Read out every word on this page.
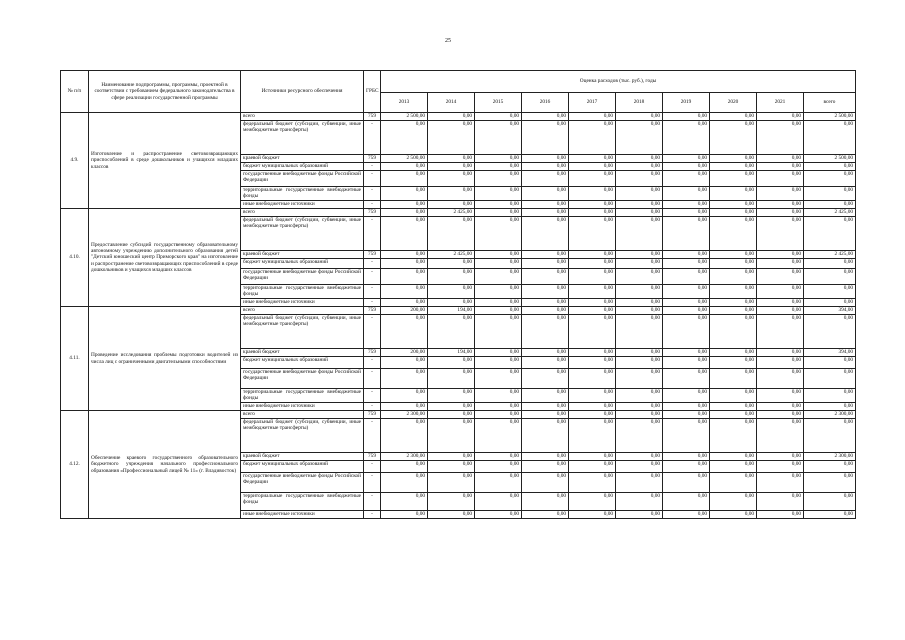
25
№ п/п	Наименование подпрограммы, программы, проектной в соответствии с требованием федерального законодательства в сфере реализации государственной программы	Источники ресурсного обеспечения	ГРБС	Оценка расходов (тыс. руб.), годы									
				2013	2014	2015	2016	2017	2018	2019	2020	2021	всего
4.9.	Изготовление и распространение световозвращающих приспособлений в среде дошкольников и учащихся младших классов	всего	759	2 500,00	0,00	0,00	0,00	0,00	0,00	0,00	0,00	0,00	2 500,00
		федеральный бюджет (субсидии, субвенции, иные межбюджетные трансферты)	-	0,00	0,00	0,00	0,00	0,00	0,00	0,00	0,00	0,00	0,00
		краевой бюджет	759	2 500,00	0,00	0,00	0,00	0,00	0,00	0,00	0,00	0,00	2 500,00
		бюджет муниципальных образований	-	0,00	0,00	0,00	0,00	0,00	0,00	0,00	0,00	0,00	0,00
		государственные внебюджетные фонды Российской Федерации	-	0,00	0,00	0,00	0,00	0,00	0,00	0,00	0,00	0,00	0,00
		территориальные государственные внебюджетные фонды	-	0,00	0,00	0,00	0,00	0,00	0,00	0,00	0,00	0,00	0,00
		иные внебюджетные источники	-	0,00	0,00	0,00	0,00	0,00	0,00	0,00	0,00	0,00	0,00
4.10.	Предоставление субсидий государственному образовательному автономному учреждению дополнительного образования детей "Детский юношеский центр Приморского края" на изготовление и распространение световозвращающих приспособлений в среде дошкольников и учащихся младших классов	всего	759	0,00	2 425,00	0,00	0,00	0,00	0,00	0,00	0,00	0,00	2 425,00
		федеральный бюджет (субсидии, субвенции, иные межбюджетные трансферты)	-	0,00	0,00	0,00	0,00	0,00	0,00	0,00	0,00	0,00	0,00
		краевой бюджет	759	0,00	2 425,00	0,00	0,00	0,00	0,00	0,00	0,00	0,00	2 425,00
		бюджет муниципальных образований	-	0,00	0,00	0,00	0,00	0,00	0,00	0,00	0,00	0,00	0,00
		государственные внебюджетные фонды Российской Федерации	-	0,00	0,00	0,00	0,00	0,00	0,00	0,00	0,00	0,00	0,00
		территориальные государственные внебюджетные фонды	-	0,00	0,00	0,00	0,00	0,00	0,00	0,00	0,00	0,00	0,00
		иные внебюджетные источники	-	0,00	0,00	0,00	0,00	0,00	0,00	0,00	0,00	0,00	0,00
4.11.	Проведение исследования проблемы подготовки водителей из числа лиц с ограниченными двигательными способностями	всего	759	200,00	194,00	0,00	0,00	0,00	0,00	0,00	0,00	0,00	394,00
		федеральный бюджет (субсидии, субвенции, иные межбюджетные трансферты)	-	0,00	0,00	0,00	0,00	0,00	0,00	0,00	0,00	0,00	0,00
		краевой бюджет	759	200,00	194,00	0,00	0,00	0,00	0,00	0,00	0,00	0,00	394,00
		бюджет муниципальных образований	-	0,00	0,00	0,00	0,00	0,00	0,00	0,00	0,00	0,00	0,00
		государственные внебюджетные фонды Российской Федерации	-	0,00	0,00	0,00	0,00	0,00	0,00	0,00	0,00	0,00	0,00
		территориальные государственные внебюджетные фонды	-	0,00	0,00	0,00	0,00	0,00	0,00	0,00	0,00	0,00	0,00
		иные внебюджетные источники	-	0,00	0,00	0,00	0,00	0,00	0,00	0,00	0,00	0,00	0,00
4.12.	Обеспечение краевого государственного образовательного бюджетного учреждения начального профессионального образования «Профессиональный лицей № 11» (г. Владивосток)	всего	759	2 300,00	0,00	0,00	0,00	0,00	0,00	0,00	0,00	0,00	2 300,00
		федеральный бюджет (субсидии, субвенции, иные межбюджетные трансферты)	-	0,00	0,00	0,00	0,00	0,00	0,00	0,00	0,00	0,00	0,00
		краевой бюджет	759	2 300,00	0,00	0,00	0,00	0,00	0,00	0,00	0,00	0,00	2 300,00
		бюджет муниципальных образований	-	0,00	0,00	0,00	0,00	0,00	0,00	0,00	0,00	0,00	0,00
		государственные внебюджетные фонды Российской Федерации	-	0,00	0,00	0,00	0,00	0,00	0,00	0,00	0,00	0,00	0,00
		территориальные государственные внебюджетные фонды	-	0,00	0,00	0,00	0,00	0,00	0,00	0,00	0,00	0,00	0,00
		иные внебюджетные источники	-	0,00	0,00	0,00	0,00	0,00	0,00	0,00	0,00	0,00	0,00
